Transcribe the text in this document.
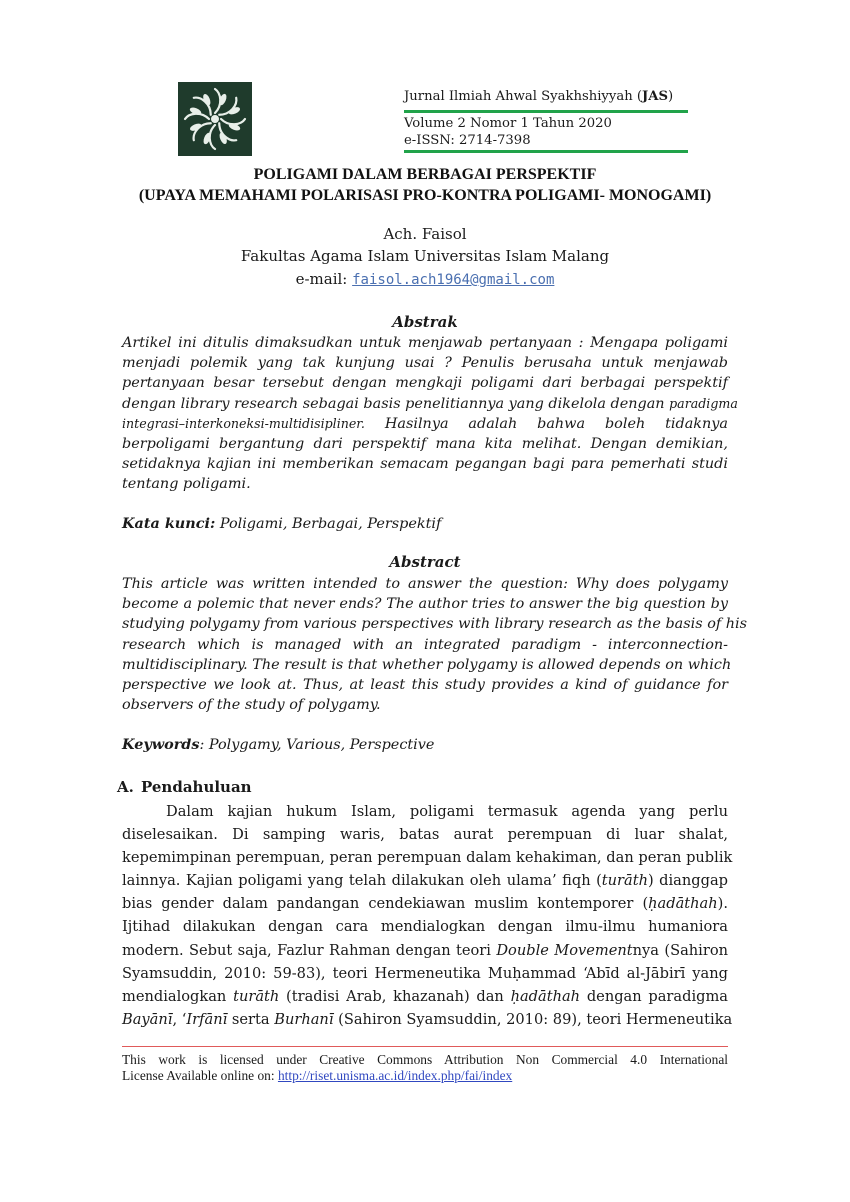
Jurnal Ilmiah Ahwal Syakhshiyyah (JAS)
Volume 2 Nomor 1 Tahun 2020
e-ISSN: 2714-7398
POLIGAMI DALAM BERBAGAI PERSPEKTIF
(UPAYA MEMAHAMI POLARISASI PRO-KONTRA POLIGAMI- MONOGAMI)
Ach. Faisol
Fakultas Agama Islam Universitas Islam Malang
e-mail: faisol.ach1964@gmail.com
Abstrak
Artikel ini ditulis dimaksudkan untuk menjawab pertanyaan : Mengapa poligami
menjadi polemik yang tak kunjung usai ? Penulis berusaha untuk menjawab
pertanyaan besar tersebut dengan mengkaji poligami dari berbagai perspektif
dengan library research sebagai basis penelitiannya yang dikelola dengan paradigma
integrasi–interkoneksi-multidisipliner. Hasilnya adalah bahwa boleh tidaknya
berpoligami bergantung dari perspektif mana kita melihat. Dengan demikian,
setidaknya kajian ini memberikan semacam pegangan bagi para pemerhati studi
tentang poligami.
Kata kunci: Poligami, Berbagai, Perspektif
Abstract
This article was written intended to answer the question: Why does polygamy
become a polemic that never ends? The author tries to answer the big question by
studying polygamy from various perspectives with library research as the basis of his
research which is managed with an integrated paradigm - interconnection-
multidisciplinary. The result is that whether polygamy is allowed depends on which
perspective we look at. Thus, at least this study provides a kind of guidance for
observers of the study of polygamy.
Keywords: Polygamy, Various, Perspective
A. Pendahuluan
Dalam kajian hukum Islam, poligami termasuk agenda yang perlu
diselesaikan. Di samping waris, batas aurat perempuan di luar shalat,
kepemimpinan perempuan, peran perempuan dalam kehakiman, dan peran publik
lainnya. Kajian poligami yang telah dilakukan oleh ulama’ fiqh (turāth) dianggap
bias gender dalam pandangan cendekiawan muslim kontemporer (ḥadāthah).
Ijtihad dilakukan dengan cara mendialogkan dengan ilmu-ilmu humaniora
modern. Sebut saja, Fazlur Rahman dengan teori Double Movementnya (Sahiron
Syamsuddin, 2010: 59-83), teori Hermeneutika Muḥammad ‘Abīd al-Jābirī yang
mendialogkan turāth (tradisi Arab, khazanah) dan ḥadāthah dengan paradigma
Bayānī, ‘Irfānī serta Burhanī (Sahiron Syamsuddin, 2010: 89), teori Hermeneutika
This work is licensed under Creative Commons Attribution Non Commercial 4.0 International
License Available online on: http://riset.unisma.ac.id/index.php/fai/index
